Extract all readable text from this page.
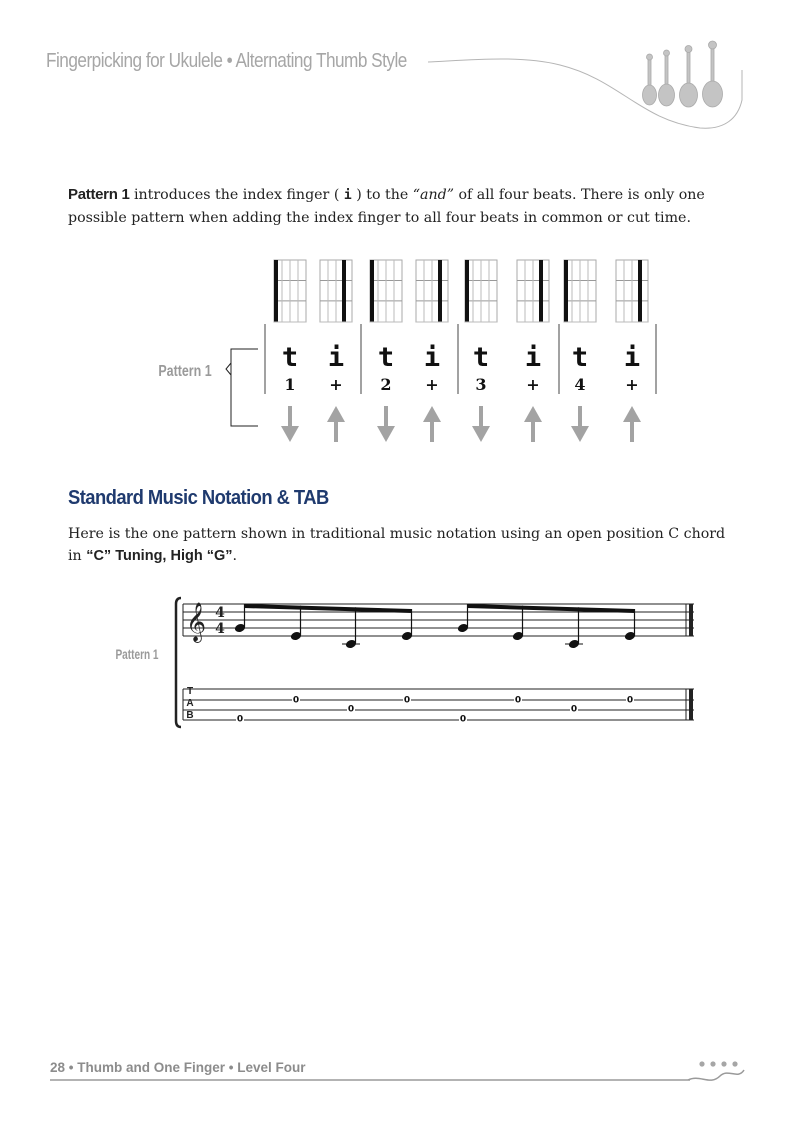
Fingerpicking for Ukulele • Alternating Thumb Style

Pattern 1 introduces the index finger ( i ) to the “and” of all four beats. There is only one possible pattern when adding the index finger to all four beats in common or cut time.

Pattern 1	t
1
i
+
t
2
i
+
t
3
i
+
t
4
i
+
Standard Music Notation & TAB

Here is the one pattern shown in traditional music notation using an open position C chord in “C” Tuning, High “G”.

Pattern 1
𝄞 4
4
T
A
B	0
0
0
0
0
0
0
0
28 • Thumb and One Finger • Level Four
